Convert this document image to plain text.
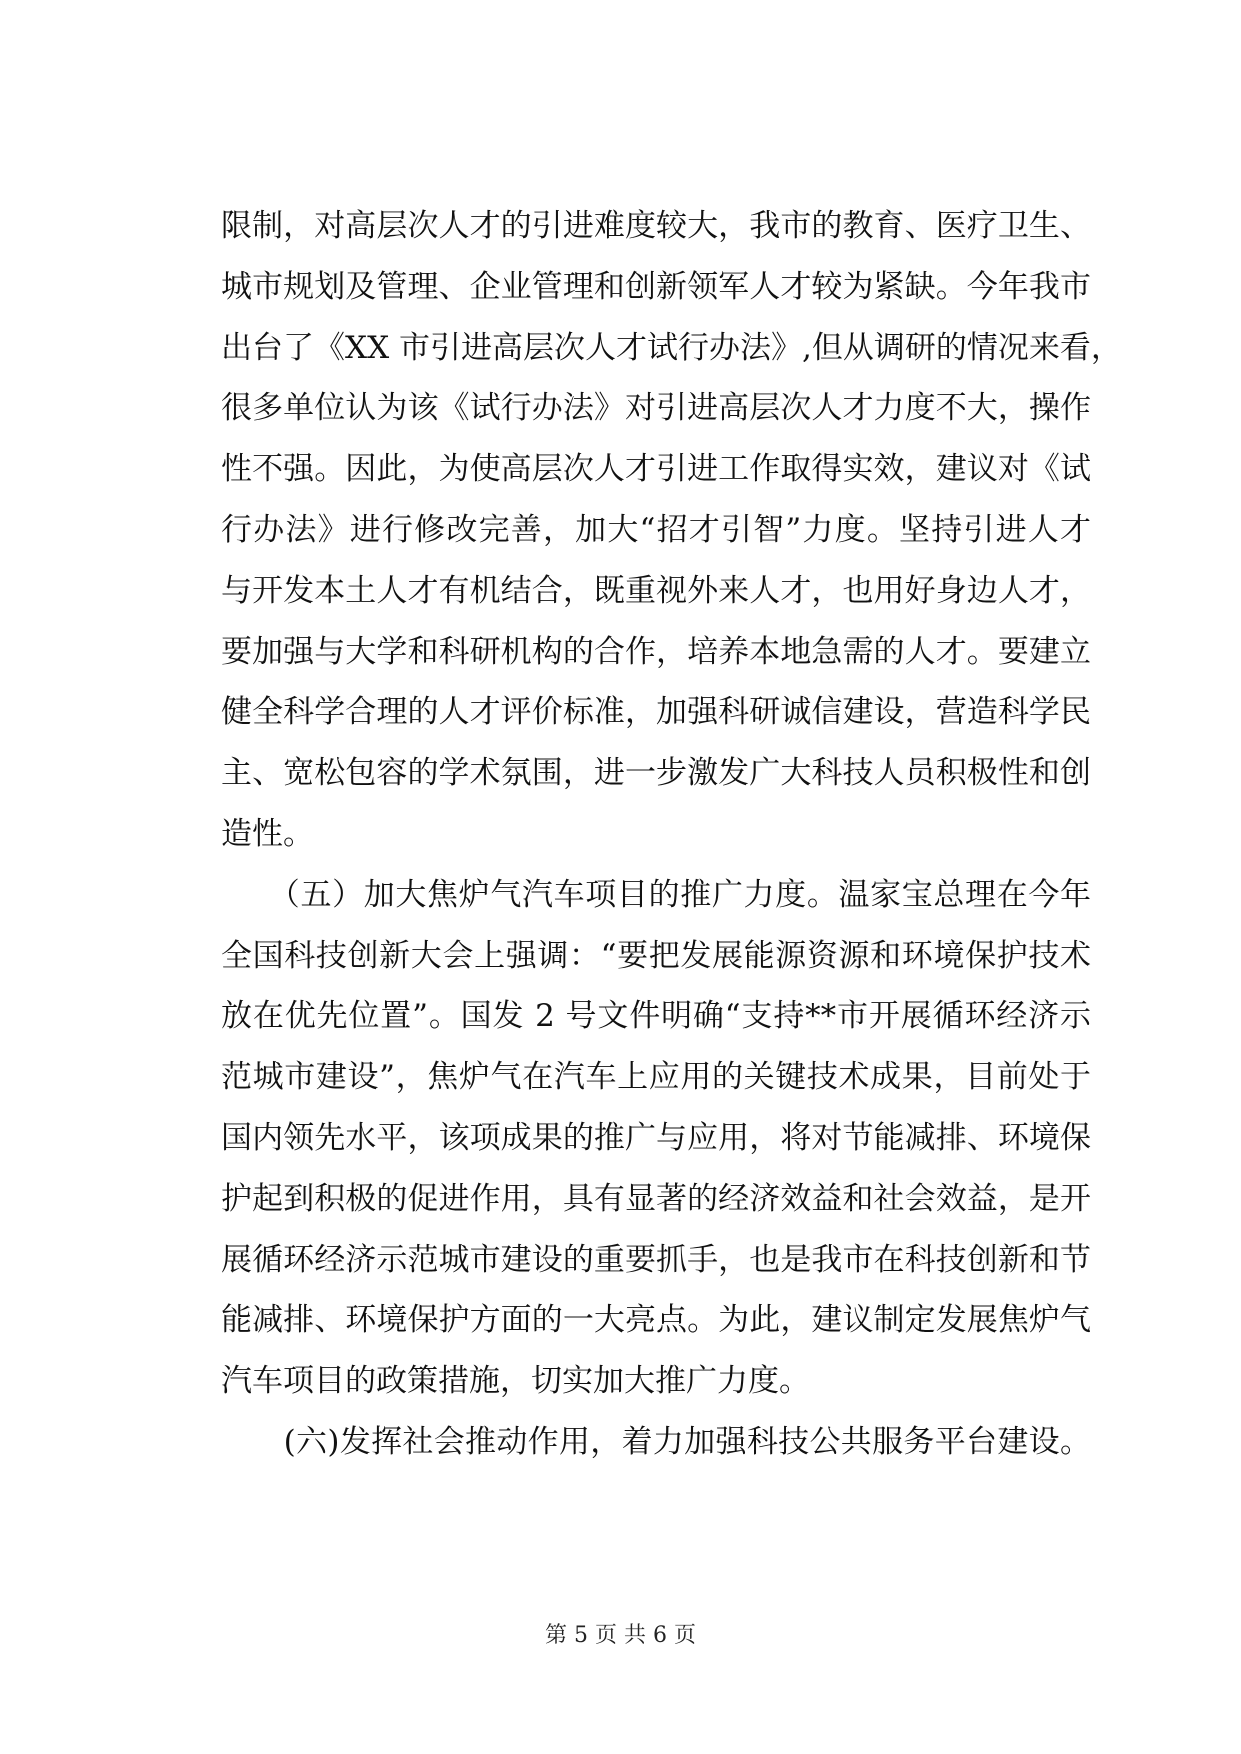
限制，对高层次人才的引进难度较大，我市的教育、医疗卫生、
城市规划及管理、企业管理和创新领军人才较为紧缺。今年我市
出台了《XX 市引进高层次人才试行办法》,但从调研的情况来看，
很多单位认为该《试行办法》对引进高层次人才力度不大，操作
性不强。因此，为使高层次人才引进工作取得实效，建议对《试
行办法》进行修改完善，加大“招才引智”力度。坚持引进人才
与开发本土人才有机结合，既重视外来人才，也用好身边人才，
要加强与大学和科研机构的合作，培养本地急需的人才。要建立
健全科学合理的人才评价标准，加强科研诚信建设，营造科学民
主、宽松包容的学术氛围，进一步激发广大科技人员积极性和创
造性。

　　（五）加大焦炉气汽车项目的推广力度。温家宝总理在今年
全国科技创新大会上强调：“要把发展能源资源和环境保护技术
放在优先位置”。国发 2 号文件明确“支持**市开展循环经济示
范城市建设”，焦炉气在汽车上应用的关键技术成果，目前处于
国内领先水平，该项成果的推广与应用，将对节能减排、环境保
护起到积极的促进作用，具有显著的经济效益和社会效益，是开
展循环经济示范城市建设的重要抓手，也是我市在科技创新和节
能减排、环境保护方面的一大亮点。为此，建议制定发展焦炉气
汽车项目的政策措施，切实加大推广力度。

　　(六)发挥社会推动作用，着力加强科技公共服务平台建设。

第 5 页 共 6 页
